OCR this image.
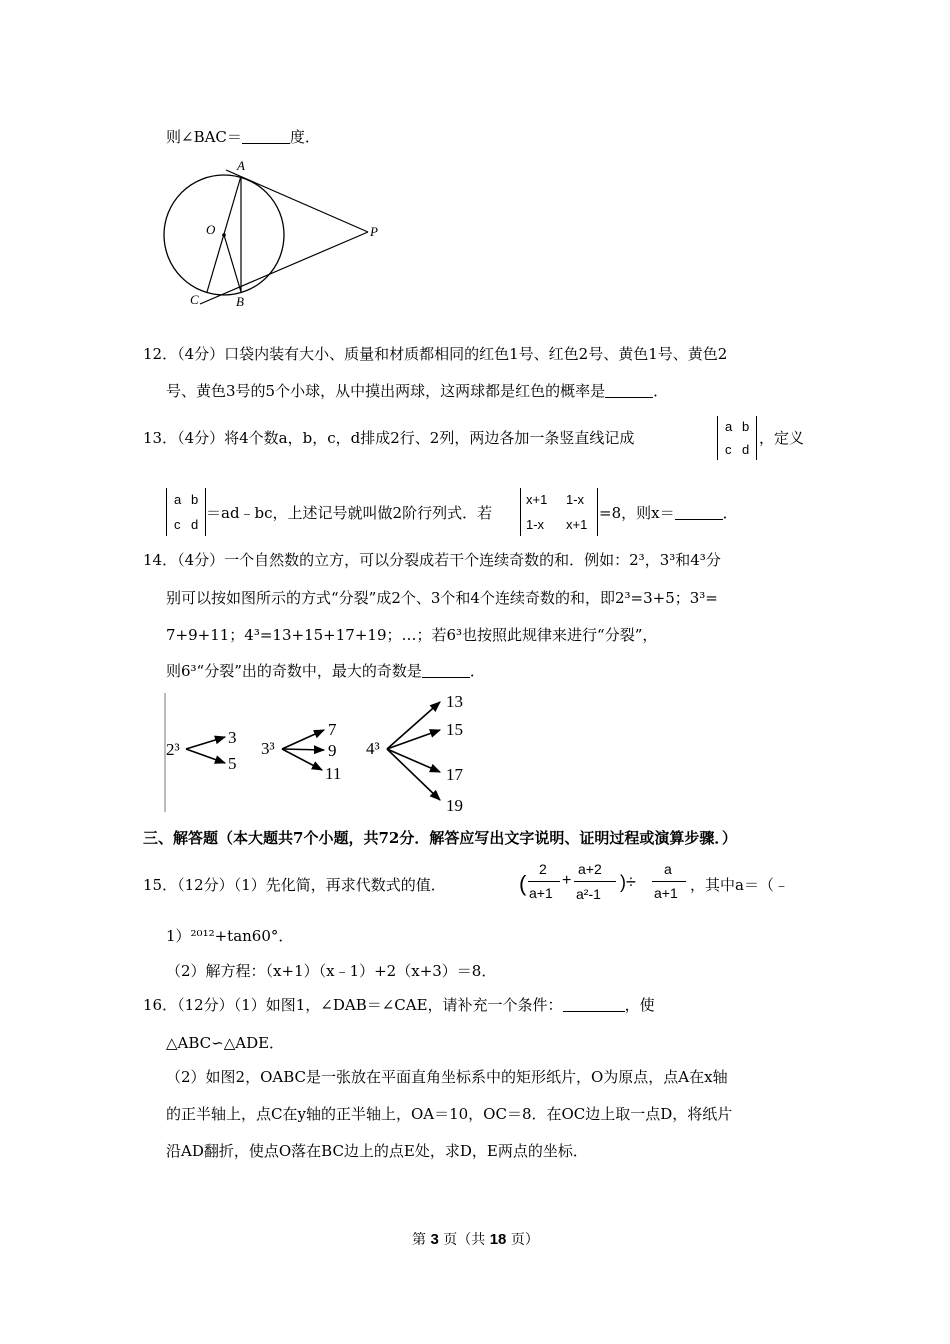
则∠BAC＝	度．
A
O	P
C	B
12．（4分）口袋内装有大小、质量和材质都相同的红色1号、红色2号、黄色1号、黄色2
号、黄色3号的5个小球，从中摸出两球，这两球都是红色的概率是	．
13．（4分）将4个数a，b，c，d排成2行、2列，两边各加一条竖直线记成
a b
c d
，定义
a b
c d
＝ad﹣bc，上述记号就叫做2阶行列式．若
x+1 1-x
1-x x+1
=8，则x＝	．
14．（4分）一个自然数的立方，可以分裂成若干个连续奇数的和．例如：2³，3³和4³分
别可以按如图所示的方式“分裂”成2个、3个和4个连续奇数的和，即2³=3+5；3³=
7+9+11；4³=13+15+17+19；…；若6³也按照此规律来进行“分裂”，
则6³“分裂”出的奇数中，最大的奇数是	．
2³	3³	4³
3
5
7
9
11
13
15
17
19
三、解答题（本大题共7个小题，共72分．解答应写出文字说明、证明过程或演算步骤．）
15．（12分）（1）先化简，再求代数式的值．	(
2
a+1
+
a+2
a²-1
)÷
a
a+1 ，其中a＝（﹣
1）²⁰¹²+tan60°．
（2）解方程：（x+1）（x﹣1）+2（x+3）＝8．
16．（12分）（1）如图1，∠DAB＝∠CAE，请补充一个条件：	，使
△ABC∽△ADE．
（2）如图2，OABC是一张放在平面直角坐标系中的矩形纸片，O为原点，点A在x轴
的正半轴上，点C在y轴的正半轴上，OA＝10，OC＝8．在OC边上取一点D，将纸片
沿AD翻折，使点O落在BC边上的点E处，求D，E两点的坐标．
第 3 页（共 18 页）
